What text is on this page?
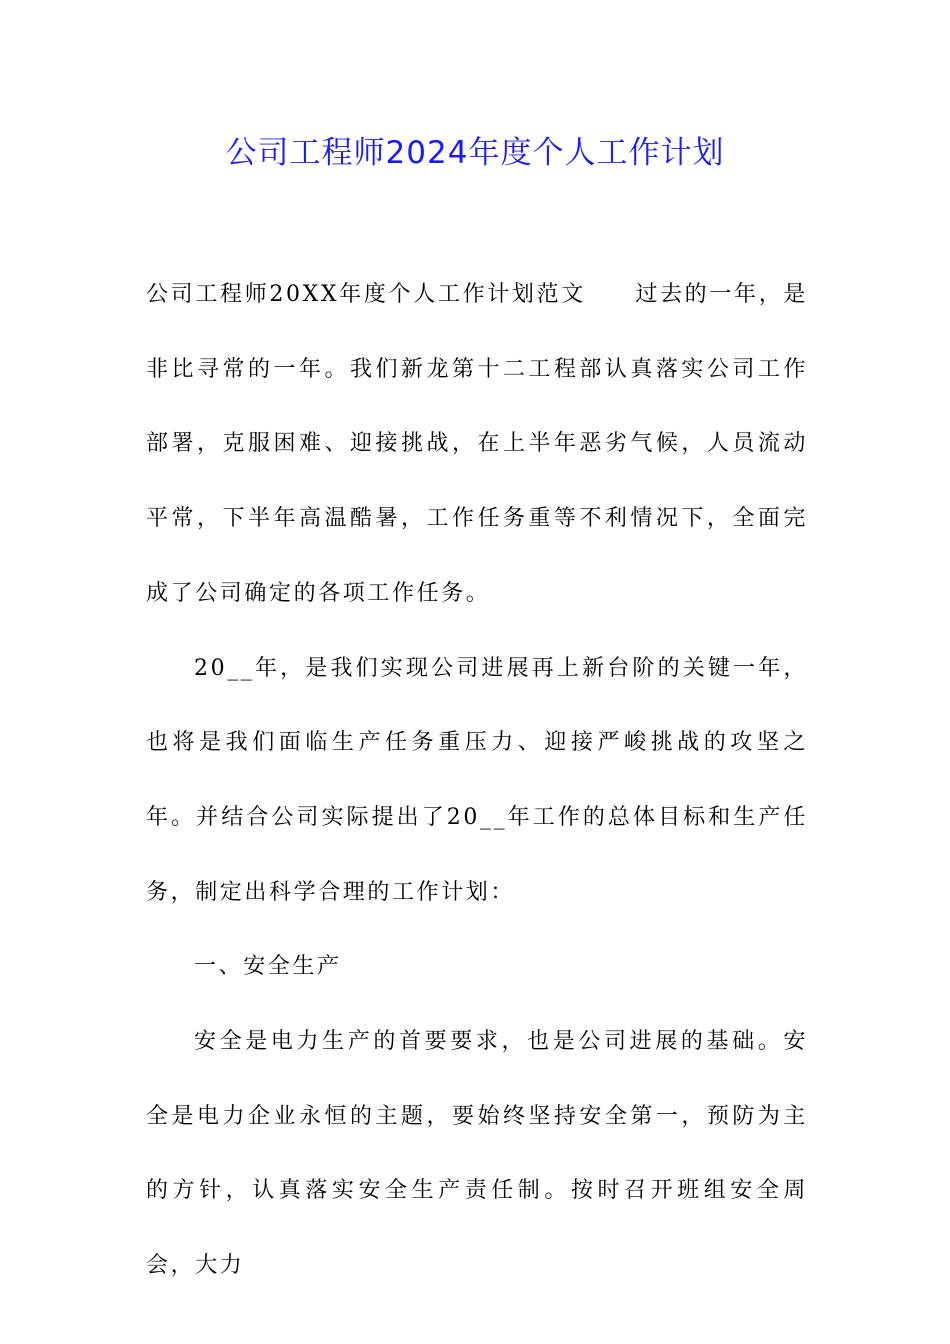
公司工程师2024年度个人工作计划

公司工程师20XX年度个人工作计划范文　　过去的一年，是非比寻常的一年。我们新龙第十二工程部认真落实公司工作部署，克服困难、迎接挑战，在上半年恶劣气候，人员流动平常，下半年高温酷暑，工作任务重等不利情况下，全面完成了公司确定的各项工作任务。

20__年，是我们实现公司进展再上新台阶的关键一年，也将是我们面临生产任务重压力、迎接严峻挑战的攻坚之年。并结合公司实际提出了20__年工作的总体目标和生产任务，制定出科学合理的工作计划：

一、安全生产

安全是电力生产的首要要求，也是公司进展的基础。安全是电力企业永恒的主题，要始终坚持安全第一，预防为主的方针，认真落实安全生产责任制。按时召开班组安全周会，大力
